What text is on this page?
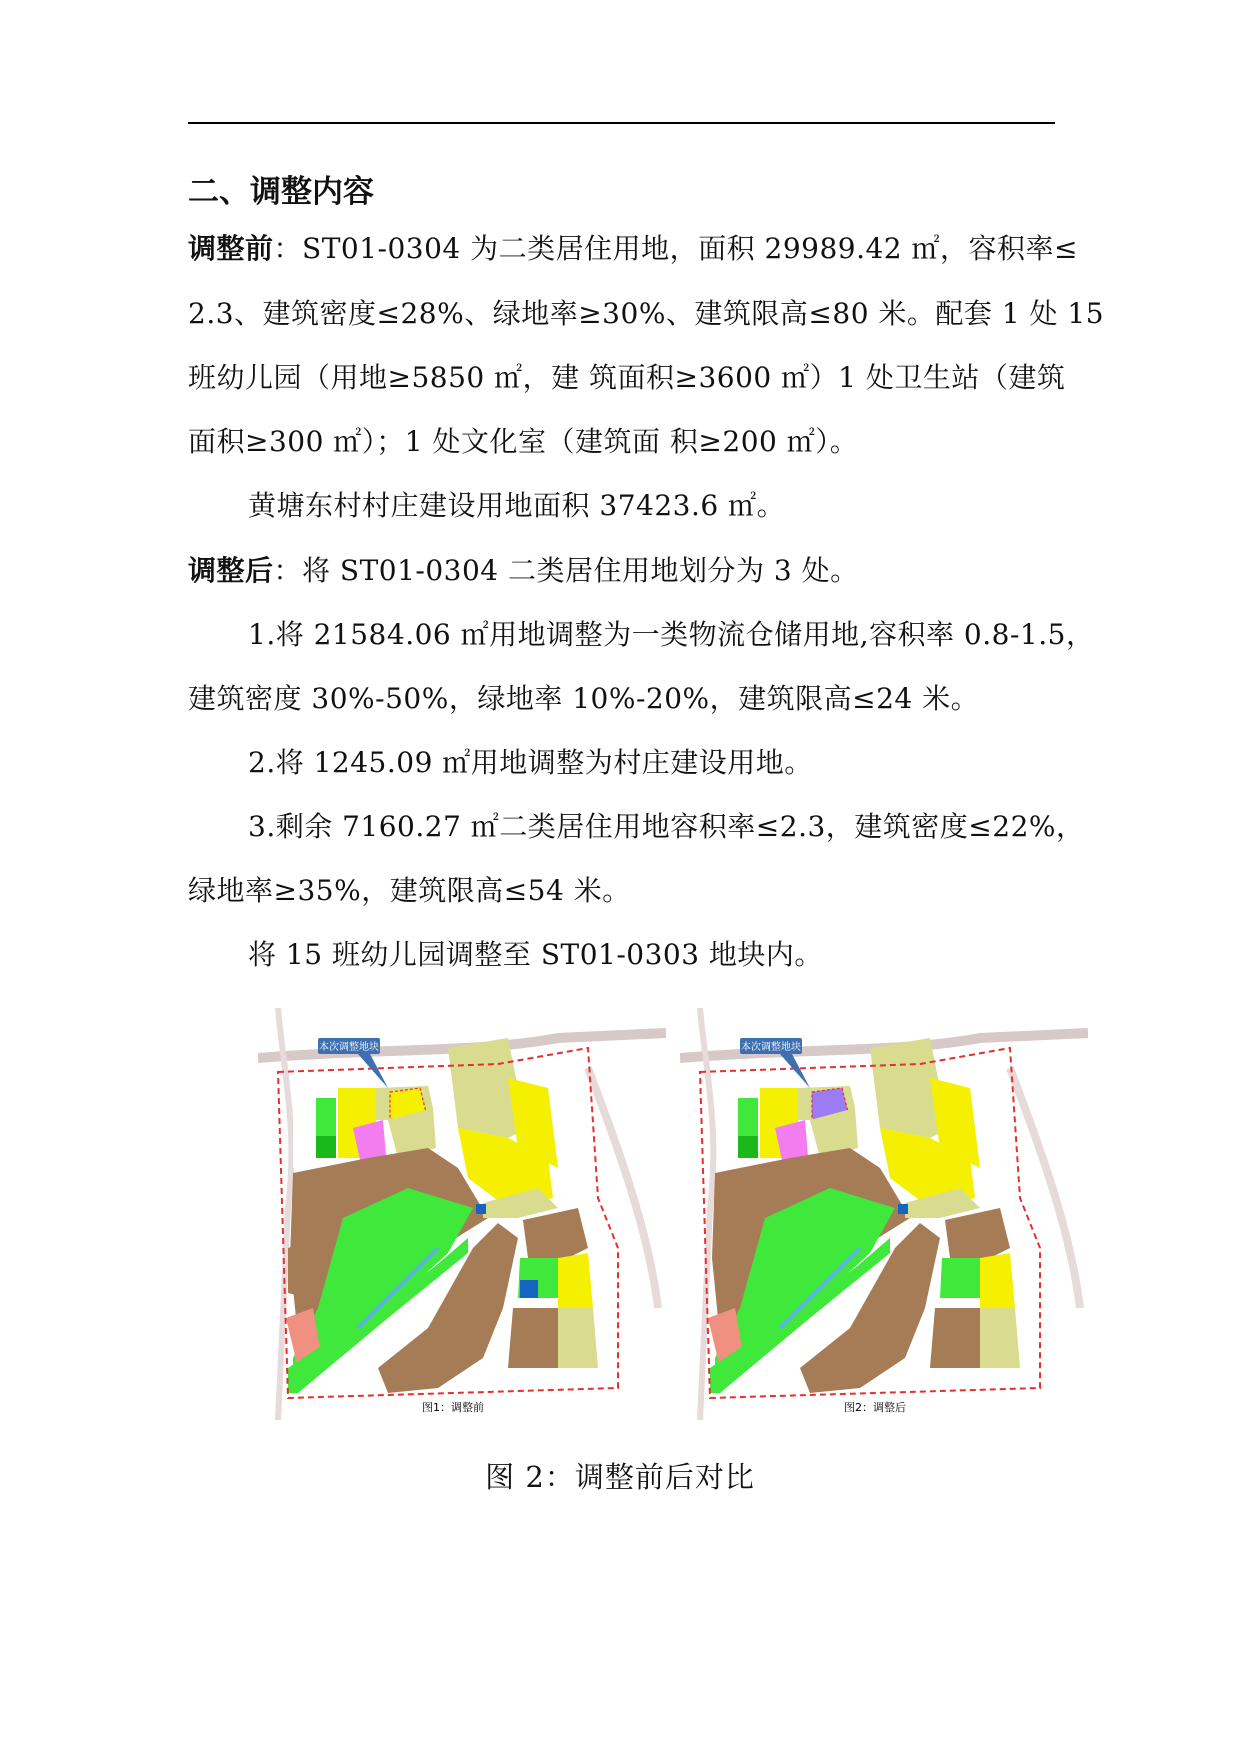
二、调整内容
调整前：ST01-0304 为二类居住用地，面积 29989.42 ㎡，容积率≤
2.3、建筑密度≤28%、绿地率≥30%、建筑限高≤80 米。配套 1 处 15
班幼儿园（用地≥5850 ㎡，建 筑面积≥3600 ㎡）1 处卫生站（建筑
面积≥300 ㎡）；1 处文化室（建筑面 积≥200 ㎡）。
黄塘东村村庄建设用地面积 37423.6 ㎡。
调整后：将 ST01-0304 二类居住用地划分为 3 处。
1.将 21584.06 ㎡用地调整为一类物流仓储用地,容积率 0.8-1.5，
建筑密度 30%-50%，绿地率 10%-20%，建筑限高≤24 米。
2.将 1245.09 ㎡用地调整为村庄建设用地。
3.剩余 7160.27 ㎡二类居住用地容积率≤2.3，建筑密度≤22%，
绿地率≥35%，建筑限高≤54 米。
将 15 班幼儿园调整至 ST01-0303 地块内。
本次调整地块
图1：调整前
本次调整地块
图2：调整后
图 2：调整前后对比
